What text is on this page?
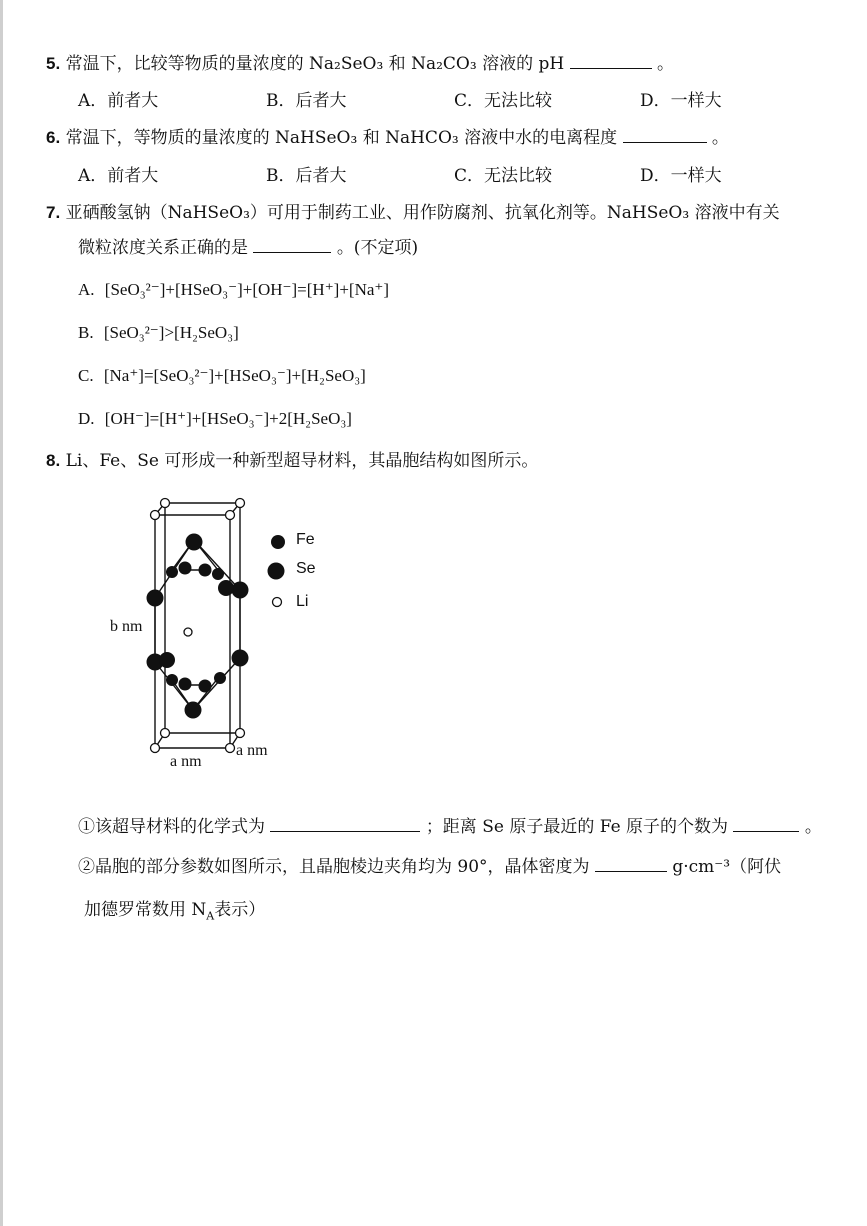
5. 常温下，比较等物质的量浓度的 Na₂SeO₃ 和 Na₂CO₃ 溶液的 pH	。
A．前者大	B．后者大	C．无法比较	D．一样大
6. 常温下，等物质的量浓度的 NaHSeO₃ 和 NaHCO₃ 溶液中水的电离程度	。
A．前者大	B．后者大	C．无法比较	D．一样大
7. 亚硒酸氢钠（NaHSeO₃）可用于制药工业、用作防腐剂、抗氧化剂等。NaHSeO₃ 溶液中有关
微粒浓度关系正确的是	。(不定项)
A. [SeO₃²⁻]+[HSeO₃⁻]+[OH⁻]=[H⁺]+[Na⁺]
B. [SeO₃²⁻]>[H₂SeO₃]
C. [Na⁺]=[SeO₃²⁻]+[HSeO₃⁻]+[H₂SeO₃]
D. [OH⁻]=[H⁺]+[HSeO₃⁻]+2[H₂SeO₃]
8. Li、Fe、Se 可形成一种新型超导材料，其晶胞结构如图所示。
Fe
Se
Li
b nm
a nm
a nm
①该超导材料的化学式为	；距离 Se 原子最近的 Fe 原子的个数为	。
②晶胞的部分参数如图所示，且晶胞棱边夹角均为 90°，晶体密度为	g·cm⁻³（阿伏
加德罗常数用 $N_A$表示）
